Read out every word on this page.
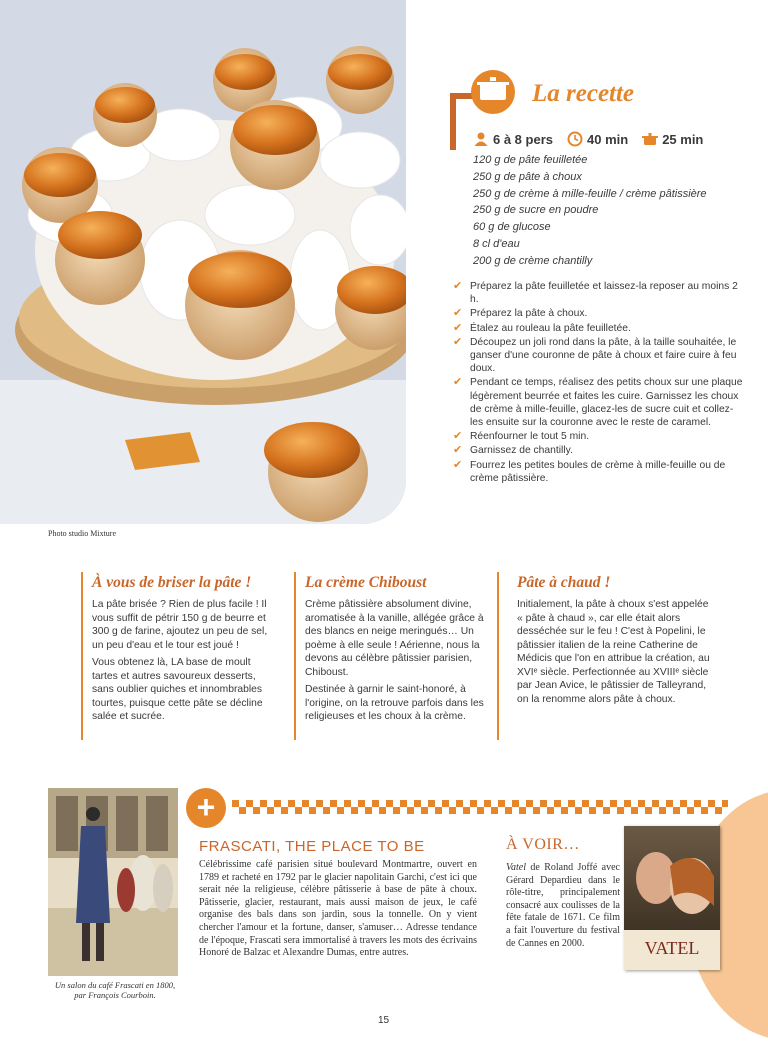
Photo studio Mixture
La recette
6 à 8 pers	40 min	25 min
120 g de pâte feuilletée
250 g de pâte à choux
250 g de crème à mille-feuille / crème pâtissière
250 g de sucre en poudre
60 g de glucose
8 cl d'eau
200 g de crème chantilly
✔ Préparez la pâte feuilletée et laissez-la reposer au moins 2 h.
✔ Préparez la pâte à choux.
✔ Étalez au rouleau la pâte feuilletée.
✔ Découpez un joli rond dans la pâte, à la taille souhaitée, le ganser d'une couronne de pâte à choux et faire cuire à feu doux.
✔ Pendant ce temps, réalisez des petits choux sur une plaque légèrement beurrée et faites les cuire. Garnissez les choux de crème à mille-feuille, glacez-les de sucre cuit et collez-les ensuite sur la couronne avec le reste de caramel.
✔ Réenfourner le tout 5 min.
✔ Garnissez de chantilly.
✔ Fourrez les petites boules de crème à mille-feuille ou de crème pâtissière.
À vous de briser la pâte !

La pâte brisée ? Rien de plus facile ! Il vous suffit de pétrir 150 g de beurre et 300 g de farine, ajoutez un peu de sel, un peu d'eau et le tour est joué !

Vous obtenez là, LA base de moult tartes et autres savoureux desserts, sans oublier quiches et innombrables tourtes, puisque cette pâte se décline salée et sucrée.

La crème Chiboust

Crème pâtissière absolument divine, aromatisée à la vanille, allégée grâce à des blancs en neige meringués… Un poème à elle seule ! Aérienne, nous la devons au célèbre pâtissier parisien, Chiboust.

Destinée à garnir le saint-honoré, à l'origine, on la retrouve parfois dans les religieuses et les choux à la crème.

Pâte à chaud !

Initialement, la pâte à choux s'est appelée « pâte à chaud », car elle était alors desséchée sur le feu ! C'est à Popelini, le pâtissier italien de la reine Catherine de Médicis que l'on en attribue la création, au XVIᵉ siècle. Perfectionnée au XVIIIᵉ siècle par Jean Avice, le pâtissier de Talleyrand, on la renomme alors pâte à choux.

Un salon du café Frascati en 1800, par François Courboin.
+
FRASCATI, THE PLACE TO BE
Célébrissime café parisien situé boulevard Montmartre, ouvert en 1789 et racheté en 1792 par le glacier napolitain Garchi, c'est ici que serait née la religieuse, célèbre pâtisserie à base de pâte à choux. Pâtisserie, glacier, restaurant, mais aussi maison de jeux, le café organise des bals dans son jardin, sous la tonnelle. On y vient chercher l'amour et la fortune, danser, s'amuser… Adresse tendance de l'époque, Frascati sera immortalisé à travers les mots des écrivains Honoré de Balzac et Alexandre Dumas, entre autres.
À VOIR…
Vatel de Roland Joffé avec Gérard Depardieu dans le rôle-titre, principalement consacré aux coulisses de la fête fatale de 1671. Ce film a fait l'ouverture du festival de Cannes en 2000.	VATEL
15
